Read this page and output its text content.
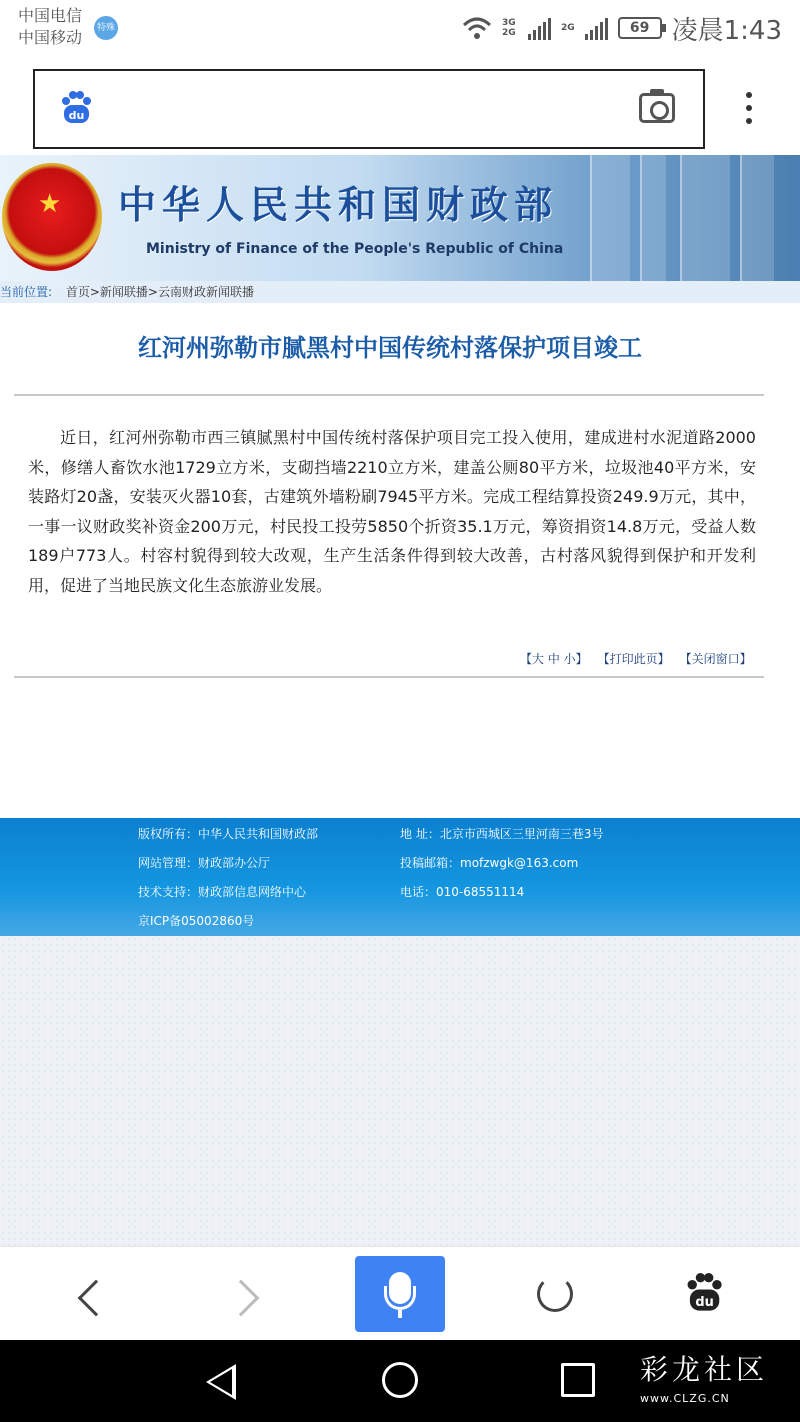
中国电信
中国移动	特殊	3G 2G	2G	69 凌晨1:43
du
★ 中华人民共和国财政部
Ministry of Finance of the People's Republic of China
当前位置: 首页>新闻联播>云南财政新闻联播
红河州弥勒市腻黑村中国传统村落保护项目竣工
近日，红河州弥勒市西三镇腻黑村中国传统村落保护项目完工投入使用，建成进村水泥道路2000米，修缮人畜饮水池1729立方米，支砌挡墙2210立方米，建盖公厕80平方米，垃圾池40平方米，安装路灯20盏，安装灭火器10套，古建筑外墙粉刷7945平方米。完成工程结算投资249.9万元，其中，一事一议财政奖补资金200万元，村民投工投劳5850个折资35.1万元，筹资捐资14.8万元，受益人数189户773人。村容村貌得到较大改观，生产生活条件得到较大改善，古村落风貌得到保护和开发利用，促进了当地民族文化生态旅游业发展。
【大 中 小】 【打印此页】 【关闭窗口】
版权所有：中华人民共和国财政部	地 址：北京市西城区三里河南三巷3号
网站管理：财政部办公厅	投稿邮箱：mofzwgk@163.com
技术支持：财政部信息网络中心	电话：010-68551114
京ICP备05002860号
du
彩龙社区
www.CLZG.CN
